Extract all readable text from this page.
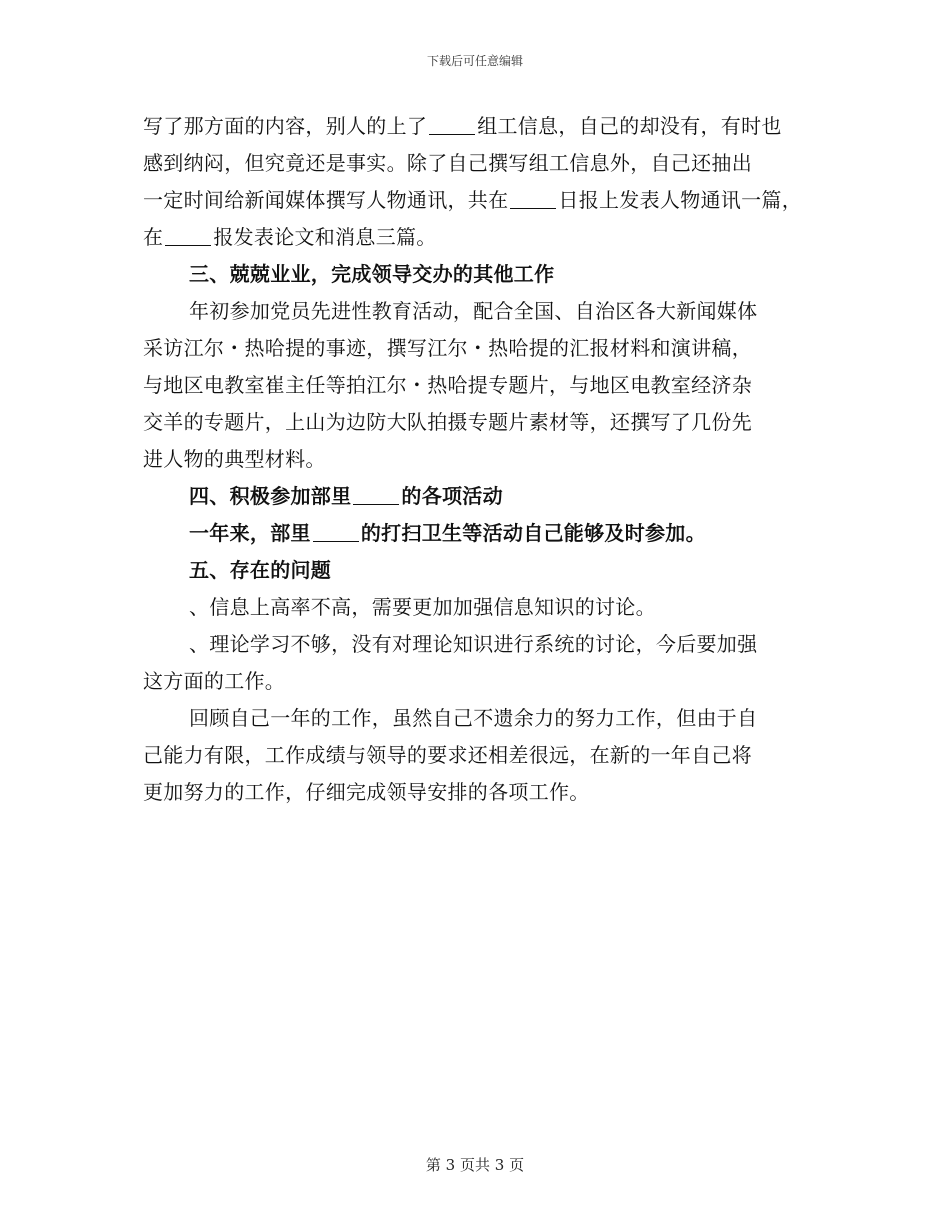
下载后可任意编辑
写了那方面的内容，别人的上了	组工信息，自己的却没有，有时也
感到纳闷，但究竟还是事实。除了自己撰写组工信息外，自己还抽出
一定时间给新闻媒体撰写人物通讯，共在	日报上发表人物通讯一篇，
在	报发表论文和消息三篇。
三、兢兢业业，完成领导交办的其他工作
年初参加党员先进性教育活动，配合全国、自治区各大新闻媒体
采访江尔・热哈提的事迹，撰写江尔・热哈提的汇报材料和演讲稿，
与地区电教室崔主任等拍江尔・热哈提专题片，与地区电教室经济杂
交羊的专题片，上山为边防大队拍摄专题片素材等，还撰写了几份先
进人物的典型材料。
四、积极参加部里	的各项活动
一年来，部里	的打扫卫生等活动自己能够及时参加。
五、存在的问题
、信息上高率不高，需要更加加强信息知识的讨论。
、理论学习不够，没有对理论知识进行系统的讨论，今后要加强
这方面的工作。
回顾自己一年的工作，虽然自己不遗余力的努力工作，但由于自
己能力有限，工作成绩与领导的要求还相差很远，在新的一年自己将
更加努力的工作，仔细完成领导安排的各项工作。
第 3 页共 3 页
